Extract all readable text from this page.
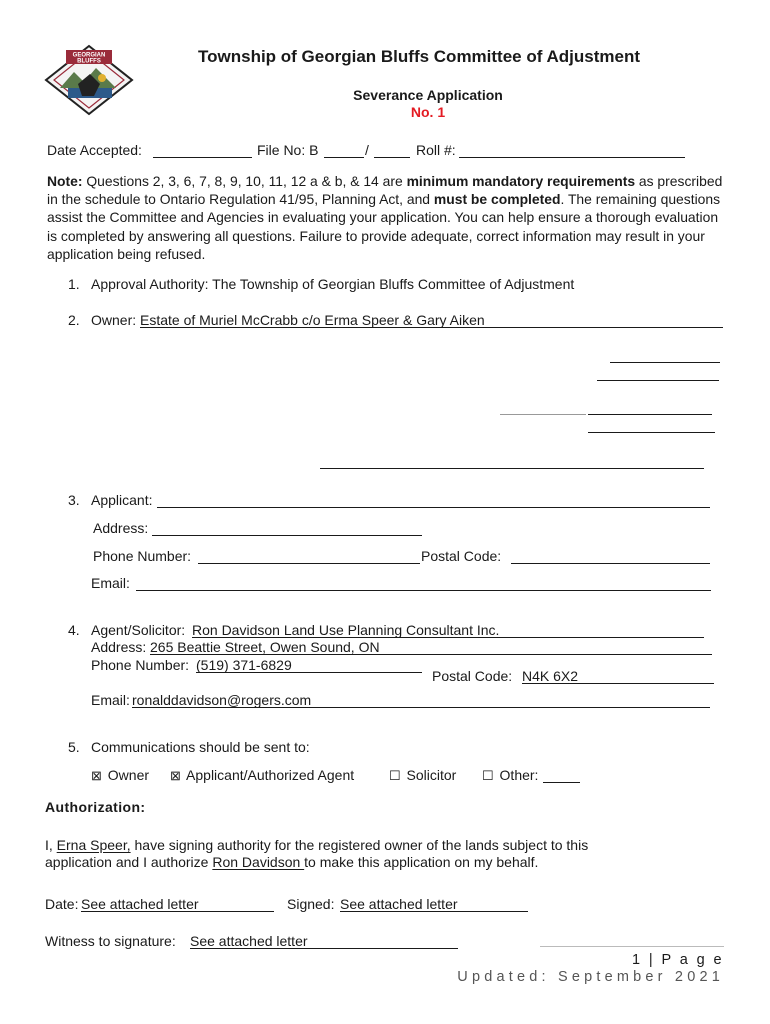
GEORGIAN
BLUFFS	Township of Georgian Bluffs Committee of Adjustment
Severance Application
No. 1
Date Accepted:	File No: B	/	Roll #:
Note: Questions 2, 3, 6, 7, 8, 9, 10, 11, 12 a & b, & 14 are minimum mandatory requirements as prescribed in the schedule to Ontario Regulation 41/95, Planning Act, and must be completed. The remaining questions assist the Committee and Agencies in evaluating your application. You can help ensure a thorough evaluation is completed by answering all questions. Failure to provide adequate, correct information may result in your application being refused.
1. Approval Authority: The Township of Georgian Bluffs Committee of Adjustment
2. Owner: Estate of Muriel McCrabb c/o Erma Speer & Gary Aiken
3. Applicant:
Address:
Phone Number:	Postal Code:
Email:
4. Agent/Solicitor: Ron Davidson Land Use Planning Consultant Inc.
Address: 265 Beattie Street, Owen Sound, ON
Phone Number: (519) 371-6829
Postal Code: N4K 6X2
Email: ronalddavidson@rogers.com
5. Communications should be sent to:
⊠ Owner ⊠ Applicant/Authorized Agent	☐ Solicitor ☐ Other:
Authorization:
I, Erna Speer, have signing authority for the registered owner of the lands subject to this
application and I authorize Ron Davidson to make this application on my behalf.
Date: See attached letter	Signed: See attached letter
Witness to signature: See attached letter
1 | P a g e
Updated: September 2021
